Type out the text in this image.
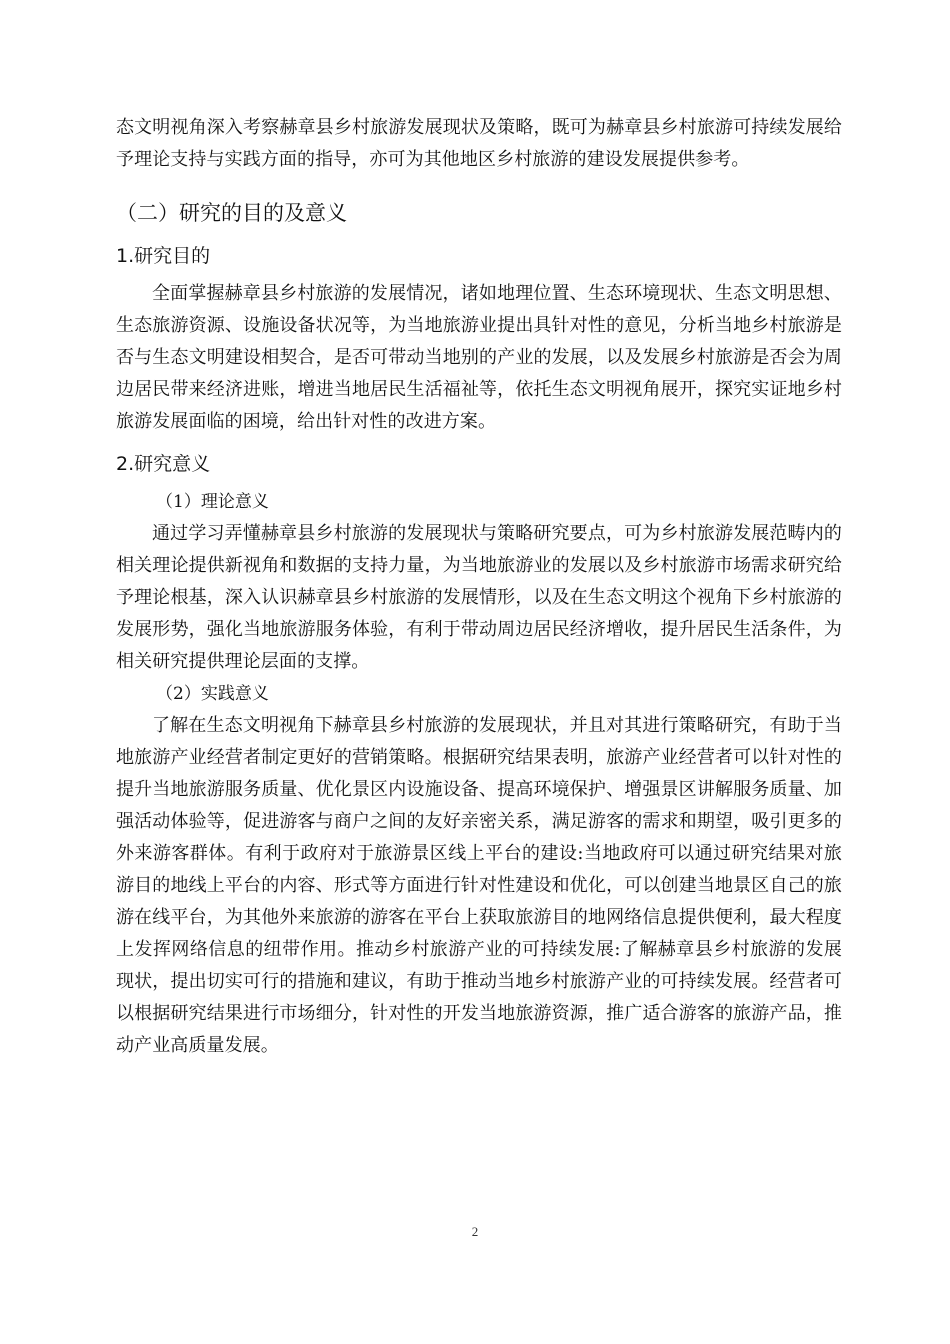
态文明视角深入考察赫章县乡村旅游发展现状及策略，既可为赫章县乡村旅游可持续发展给予理论支持与实践方面的指导，亦可为其他地区乡村旅游的建设发展提供参考。

（二）研究的目的及意义
1.研究目的

全面掌握赫章县乡村旅游的发展情况，诸如地理位置、生态环境现状、生态文明思想、生态旅游资源、设施设备状况等，为当地旅游业提出具针对性的意见，分析当地乡村旅游是否与生态文明建设相契合，是否可带动当地别的产业的发展，以及发展乡村旅游是否会为周边居民带来经济进账，增进当地居民生活福祉等，依托生态文明视角展开，探究实证地乡村旅游发展面临的困境，给出针对性的改进方案。

2.研究意义

（1）理论意义

通过学习弄懂赫章县乡村旅游的发展现状与策略研究要点，可为乡村旅游发展范畴内的相关理论提供新视角和数据的支持力量，为当地旅游业的发展以及乡村旅游市场需求研究给予理论根基，深入认识赫章县乡村旅游的发展情形，以及在生态文明这个视角下乡村旅游的发展形势，强化当地旅游服务体验，有利于带动周边居民经济增收，提升居民生活条件，为相关研究提供理论层面的支撑。

（2）实践意义

了解在生态文明视角下赫章县乡村旅游的发展现状，并且对其进行策略研究，有助于当地旅游产业经营者制定更好的营销策略。根据研究结果表明，旅游产业经营者可以针对性的提升当地旅游服务质量、优化景区内设施设备、提高环境保护、增强景区讲解服务质量、加强活动体验等，促进游客与商户之间的友好亲密关系，满足游客的需求和期望，吸引更多的外来游客群体。有利于政府对于旅游景区线上平台的建设:当地政府可以通过研究结果对旅游目的地线上平台的内容、形式等方面进行针对性建设和优化，可以创建当地景区自己的旅游在线平台，为其他外来旅游的游客在平台上获取旅游目的地网络信息提供便利，最大程度上发挥网络信息的纽带作用。推动乡村旅游产业的可持续发展:了解赫章县乡村旅游的发展现状，提出切实可行的措施和建议，有助于推动当地乡村旅游产业的可持续发展。经营者可以根据研究结果进行市场细分，针对性的开发当地旅游资源，推广适合游客的旅游产品，推动产业高质量发展。

2
